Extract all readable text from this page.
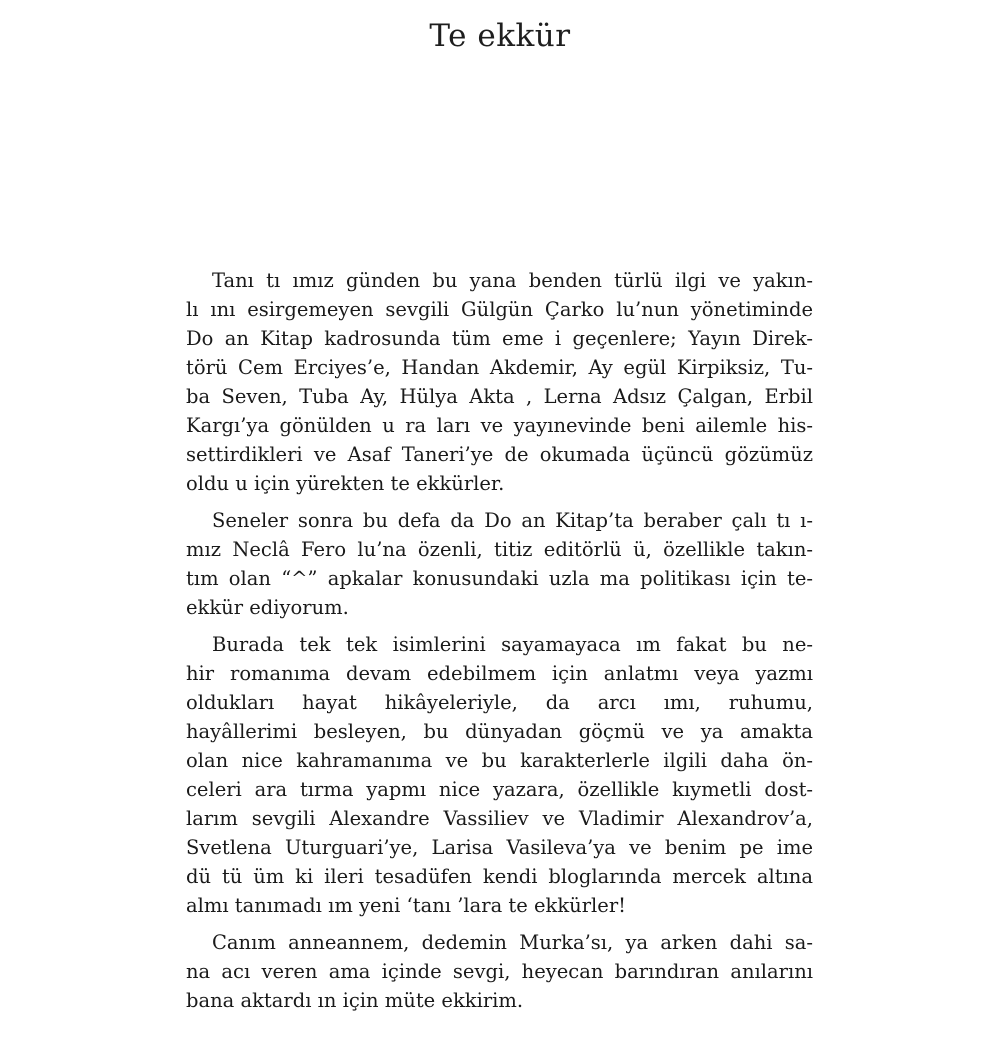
Te ekkür

Tanı tı ımız günden bu yana benden türlü ilgi ve yakın-
lı ını esirgemeyen sevgili Gülgün Çarko lu’nun yönetiminde
Do an Kitap kadrosunda tüm eme i geçenlere; Yayın Direk-
törü Cem Erciyes’e, Handan Akdemir, Ay egül Kirpiksiz, Tu-
ba Seven, Tuba Ay, Hülya Akta , Lerna Adsız Çalgan, Erbil
Kargı’ya gönülden u ra ları ve yayınevinde beni ailemle his-
settirdikleri ve Asaf Taneri’ye de okumada üçüncü gözümüz
oldu u için yürekten te ekkürler.

Seneler sonra bu defa da Do an Kitap’ta beraber çalı tı ı-
mız Neclâ Fero lu’na özenli, titiz editörlü ü, özellikle takın-
tım olan “^” apkalar konusundaki uzla ma politikası için te-
ekkür ediyorum.

Burada tek tek isimlerini sayamayaca ım fakat bu ne-
hir romanıma devam edebilmem için anlatmı veya yazmı
oldukları hayat hikâyeleriyle, da arcı ımı, ruhumu,
hayâllerimi besleyen, bu dünyadan göçmü ve ya amakta
olan nice kahramanıma ve bu karakterlerle ilgili daha ön-
celeri ara tırma yapmı nice yazara, özellikle kıymetli dost-
larım sevgili Alexandre Vassiliev ve Vladimir Alexandrov’a,
Svetlena Uturguari’ye, Larisa Vasileva’ya ve benim pe ime
dü tü üm ki ileri tesadüfen kendi bloglarında mercek altına
almı tanımadı ım yeni ‘tanı ’lara te ekkürler!

Canım anneannem, dedemin Murka’sı, ya arken dahi sa-
na acı veren ama içinde sevgi, heyecan barındıran anılarını
bana aktardı ın için müte ekkirim.
